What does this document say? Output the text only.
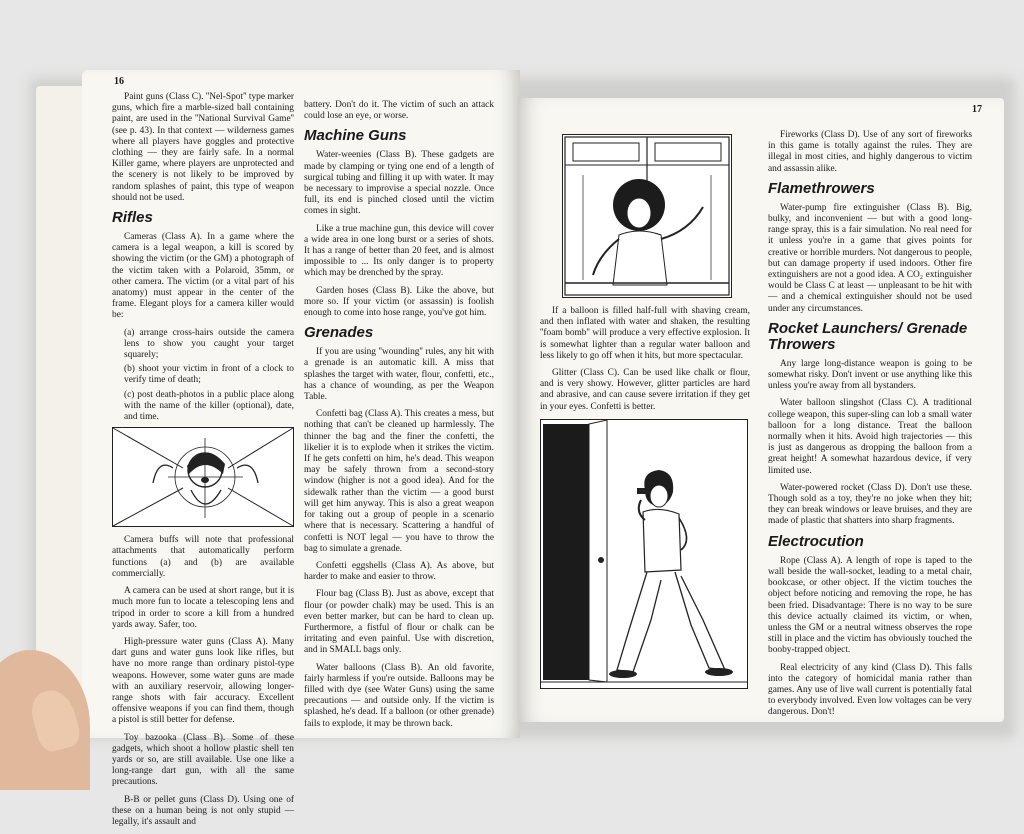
16

Paint guns (Class C). ''Nel-Spot'' type marker guns, which fire a marble-sized ball containing paint, are used in the ''National Survival Game'' (see p. 43). In that context — wilderness games where all players have goggles and protective clothing — they are fairly safe. In a normal Killer game, where players are unprotected and the scenery is not likely to be improved by random splashes of paint, this type of weapon should not be used.

Rifles

Cameras (Class A). In a game where the camera is a legal weapon, a kill is scored by showing the victim (or the GM) a photograph of the victim taken with a Polaroid, 35mm, or other camera. The victim (or a vital part of his anatomy) must appear in the center of the frame. Elegant ploys for a camera killer would be:

(a) arrange cross-hairs outside the camera lens to show you caught your target squarely;

(b) shoot your victim in front of a clock to verify time of death;

(c) post death-photos in a public place along with the name of the killer (optional), date, and time.

Camera buffs will note that professional attachments that automatically perform functions (a) and (b) are available commercially.

A camera can be used at short range, but it is much more fun to locate a telescoping lens and tripod in order to score a kill from a hundred yards away. Safer, too.

High-pressure water guns (Class A). Many dart guns and water guns look like rifles, but have no more range than ordinary pistol-type weapons. However, some water guns are made with an auxiliary reservoir, allowing longer-range shots with fair accuracy. Excellent offensive weapons if you can find them, though a pistol is still better for defense.

Toy bazooka (Class B). Some of these gadgets, which shoot a hollow plastic shell ten yards or so, are still available. Use one like a long-range dart gun, with all the same precautions.

B-B or pellet guns (Class D). Using one of these on a human being is not only stupid — legally, it's assault and

battery. Don't do it. The victim of such an attack could lose an eye, or worse.

Machine Guns

Water-weenies (Class B). These gadgets are made by clamping or tying one end of a length of surgical tubing and filling it up with water. It may be necessary to improvise a special nozzle. Once full, its end is pinched closed until the victim comes in sight.

Like a true machine gun, this device will cover a wide area in one long burst or a series of shots. It has a range of better than 20 feet, and is almost impossible to ... Its only danger is to property which may be drenched by the spray.

Garden hoses (Class B). Like the above, but more so. If your victim (or assassin) is foolish enough to come into hose range, you've got him.

Grenades

If you are using ''wounding'' rules, any hit with a grenade is an automatic kill. A miss that splashes the target with water, flour, confetti, etc., has a chance of wounding, as per the Weapon Table.

Confetti bag (Class A). This creates a mess, but nothing that can't be cleaned up harmlessly. The thinner the bag and the finer the confetti, the likelier it is to explode when it strikes the victim. If he gets confetti on him, he's dead. This weapon may be safely thrown from a second-story window (higher is not a good idea). And for the sidewalk rather than the victim — a good burst will get him anyway. This is also a great weapon for taking out a group of people in a scenario where that is necessary. Scattering a handful of confetti is NOT legal — you have to throw the bag to simulate a grenade.

Confetti eggshells (Class A). As above, but harder to make and easier to throw.

Flour bag (Class B). Just as above, except that flour (or powder chalk) may be used. This is an even better marker, but can be hard to clean up. Furthermore, a fistful of flour or chalk can be irritating and even painful. Use with discretion, and in SMALL bags only.

Water balloons (Class B). An old favorite, fairly harmless if you're outside. Balloons may be filled with dye (see Water Guns) using the same precautions — and outside only. If the victim is splashed, he's dead. If a balloon (or other grenade) fails to explode, it may be thrown back.

17

If a balloon is filled half-full with shaving cream, and then inflated with water and shaken, the resulting ''foam bomb'' will produce a very effective explosion. It is somewhat lighter than a regular water balloon and less likely to go off when it hits, but more spectacular.

Glitter (Class C). Can be used like chalk or flour, and is very showy. However, glitter particles are hard and abrasive, and can cause severe irritation if they get in your eyes. Confetti is better.

Fireworks (Class D). Use of any sort of fireworks in this game is totally against the rules. They are illegal in most cities, and highly dangerous to victim and assassin alike.

Flamethrowers

Water-pump fire extinguisher (Class B). Big, bulky, and inconvenient — but with a good long-range spray, this is a fair simulation. No real need for it unless you're in a game that gives points for creative or horrible murders. Not dangerous to people, but can damage property if used indoors. Other fire extinguishers are not a good idea. A CO₂ extinguisher would be Class C at least — unpleasant to be hit with — and a chemical extinguisher should not be used under any circumstances.

Rocket Launchers/ Grenade Throwers

Any large long-distance weapon is going to be somewhat risky. Don't invent or use anything like this unless you're away from all bystanders.

Water balloon slingshot (Class C). A traditional college weapon, this super-sling can lob a small water balloon for a long distance. Treat the balloon normally when it hits. Avoid high trajectories — this is just as dangerous as dropping the balloon from a great height! A somewhat hazardous device, if very limited use.

Water-powered rocket (Class D). Don't use these. Though sold as a toy, they're no joke when they hit; they can break windows or leave bruises, and they are made of plastic that shatters into sharp fragments.

Electrocution

Rope (Class A). A length of rope is taped to the wall beside the wall-socket, leading to a metal chair, bookcase, or other object. If the victim touches the object before noticing and removing the rope, he has been fried. Disadvantage: There is no way to be sure this device actually claimed its victim, or when, unless the GM or a neutral witness observes the rope still in place and the victim has obviously touched the booby-trapped object.

Real electricity of any kind (Class D). This falls into the category of homicidal mania rather than games. Any use of live wall current is potentially fatal to everybody involved. Even low voltages can be very dangerous. Don't!
